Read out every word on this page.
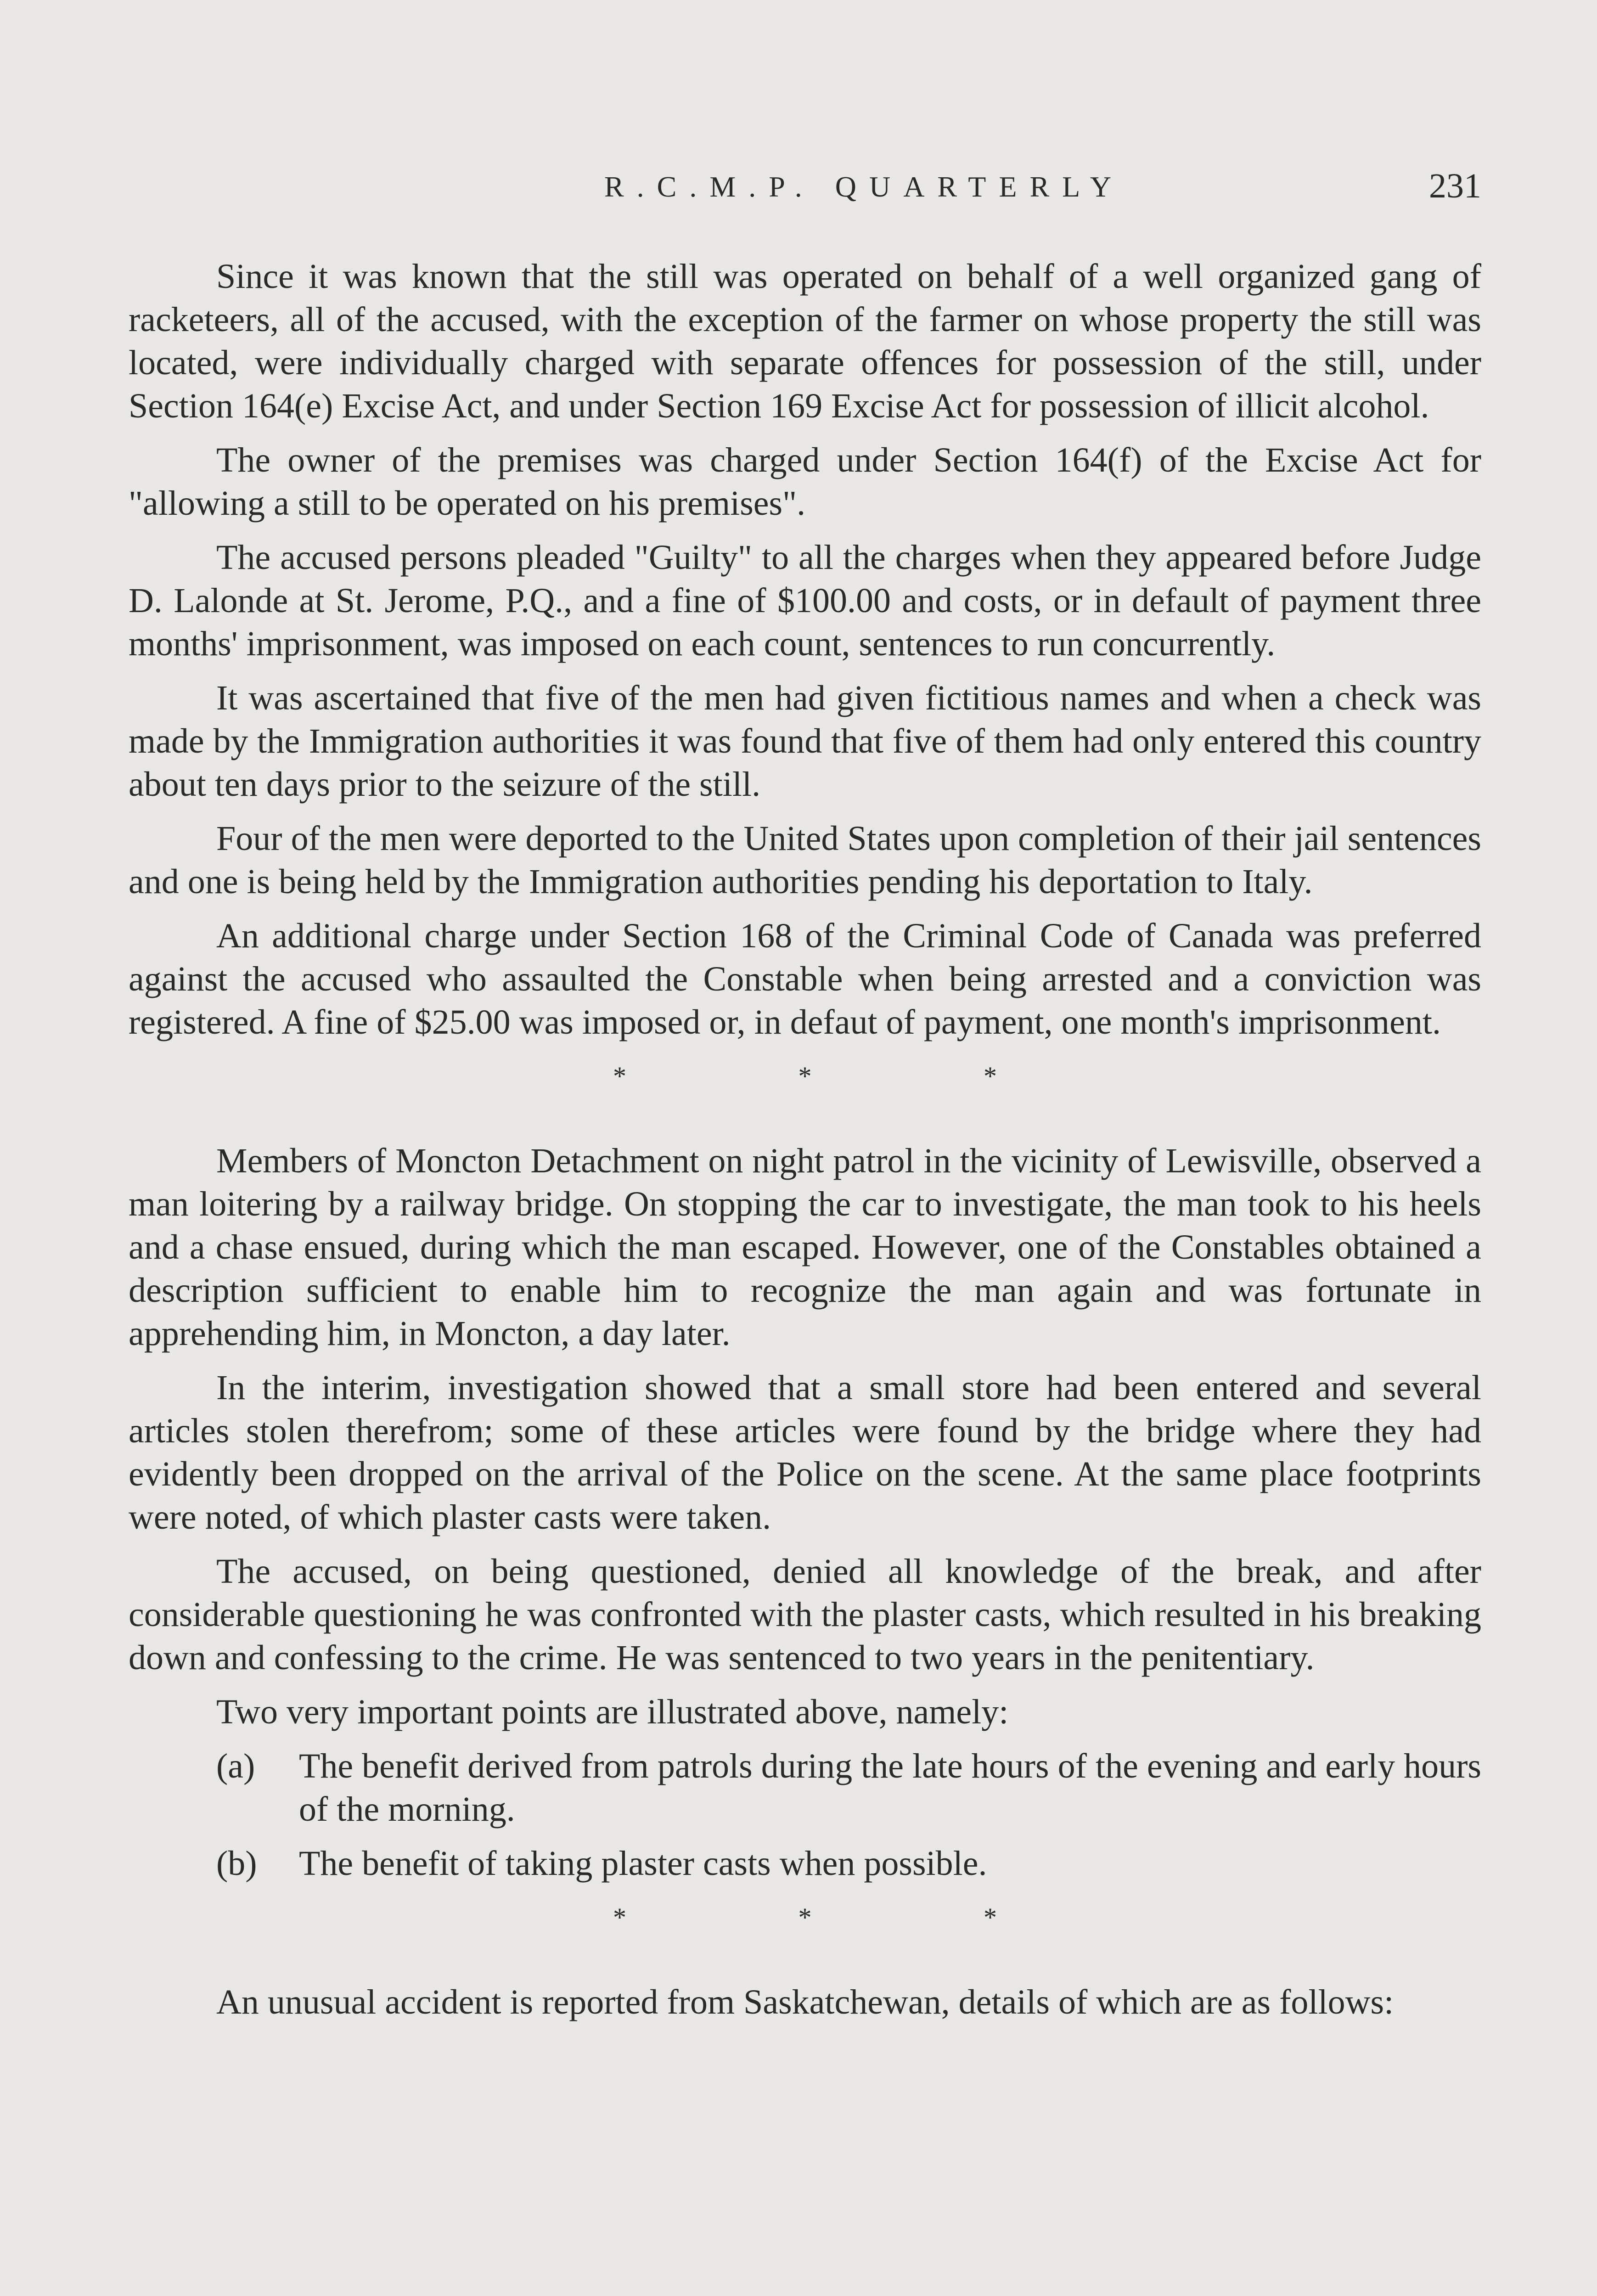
R.C.M.P. QUARTERLY	231

Since it was known that the still was operated on behalf of a well organized gang of racketeers, all of the accused, with the exception of the farmer on whose property the still was located, were individually charged with separate offences for possession of the still, under Section 164(e) Excise Act, and under Section 169 Excise Act for possession of illicit alcohol.

The owner of the premises was charged under Section 164(f) of the Excise Act for "allowing a still to be operated on his premises".

The accused persons pleaded "Guilty" to all the charges when they appeared before Judge D. Lalonde at St. Jerome, P.Q., and a fine of $100.00 and costs, or in default of payment three months' imprisonment, was imposed on each count, sentences to run concurrently.

It was ascertained that five of the men had given fictitious names and when a check was made by the Immigration authorities it was found that five of them had only entered this country about ten days prior to the seizure of the still.

Four of the men were deported to the United States upon completion of their jail sentences and one is being held by the Immigration authorities pending his deportation to Italy.

An additional charge under Section 168 of the Criminal Code of Canada was preferred against the accused who assaulted the Constable when being arrested and a conviction was registered. A fine of $25.00 was imposed or, in defaut of payment, one month's imprisonment.

* * *

Members of Moncton Detachment on night patrol in the vicinity of Lewisville, observed a man loitering by a railway bridge. On stopping the car to investigate, the man took to his heels and a chase ensued, during which the man escaped. However, one of the Constables obtained a description sufficient to enable him to recognize the man again and was fortunate in apprehending him, in Moncton, a day later.

In the interim, investigation showed that a small store had been entered and several articles stolen therefrom; some of these articles were found by the bridge where they had evidently been dropped on the arrival of the Police on the scene. At the same place footprints were noted, of which plaster casts were taken.

The accused, on being questioned, denied all knowledge of the break, and after considerable questioning he was confronted with the plaster casts, which resulted in his breaking down and confessing to the crime. He was sentenced to two years in the penitentiary.

Two very important points are illustrated above, namely:

(a)	The benefit derived from patrols during the late hours of the evening and early hours of the morning.
(b)	The benefit of taking plaster casts when possible.
* * *

An unusual accident is reported from Saskatchewan, details of which are as follows:
